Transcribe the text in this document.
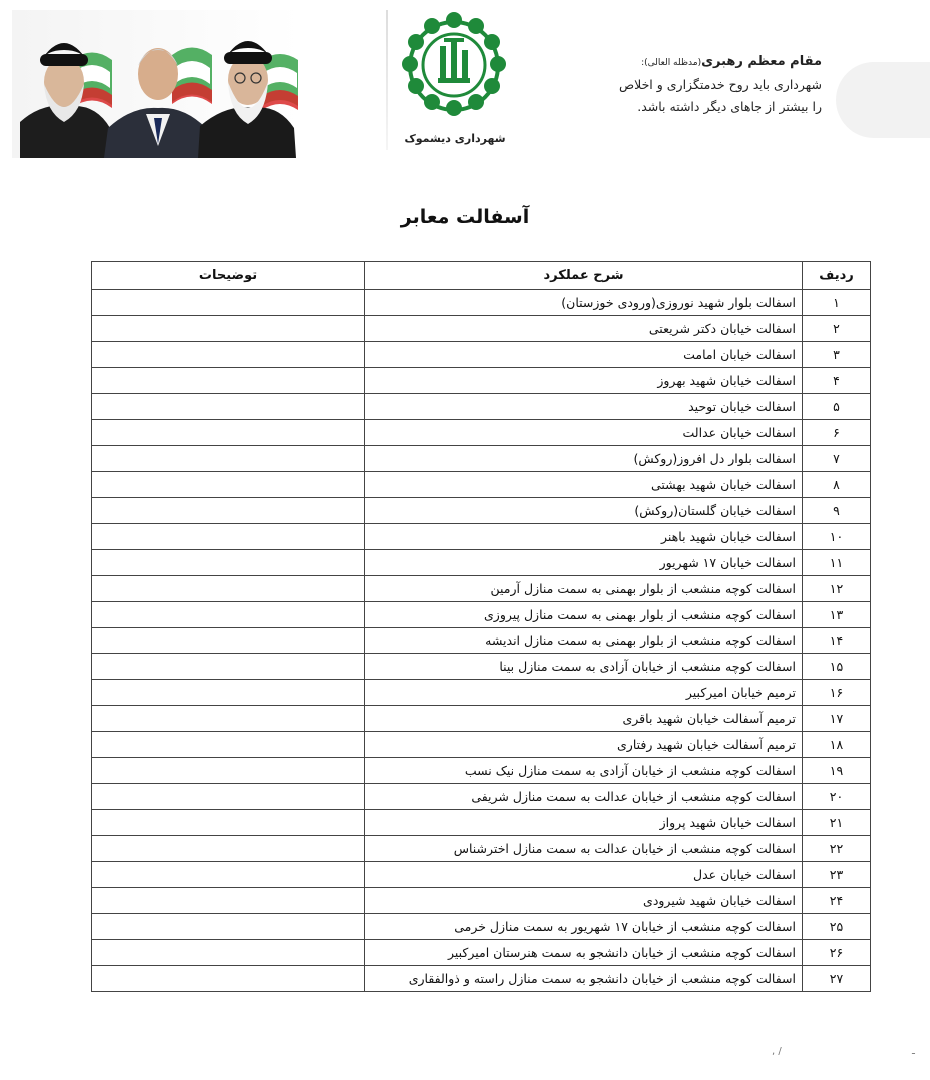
شهرداری دیشموک
مقام معظم رهبری(مدظله العالی):
شهرداری باید روح خدمتگزاری و اخلاص
را بیشتر از جاهای دیگر داشته باشد.
آسفالت معابر
ردیف	شرح عملکرد	توضیحات
۱	اسفالت بلوار شهید نوروزی(ورودی خوزستان)	
۲	اسفالت خیابان دکتر شریعتی	
۳	اسفالت خیابان امامت	
۴	اسفالت خیابان شهید بهروز	
۵	اسفالت خیابان توحید	
۶	اسفالت خیابان عدالت	
۷	اسفالت بلوار دل افروز(روکش)	
۸	اسفالت خیابان شهید بهشتی	
۹	اسفالت خیابان گلستان(روکش)	
۱۰	اسفالت خیابان شهید باهنر	
۱۱	اسفالت خیابان ۱۷ شهریور	
۱۲	اسفالت کوچه منشعب از بلوار بهمنی به سمت منازل آرمین	
۱۳	اسفالت کوچه منشعب از بلوار بهمنی به سمت منازل پیروزی	
۱۴	اسفالت کوچه منشعب از بلوار بهمنی به سمت منازل اندیشه	
۱۵	اسفالت کوچه منشعب از خیابان آزادی به سمت منازل بینا	
۱۶	ترمیم خیابان امیرکبیر	
۱۷	ترمیم آسفالت خیابان شهید باقری	
۱۸	ترمیم آسفالت خیابان شهید رفتاری	
۱۹	اسفالت کوچه منشعب از خیابان آزادی به سمت منازل نیک نسب	
۲۰	اسفالت کوچه منشعب از خیابان عدالت به سمت منازل شریفی	
۲۱	اسفالت خیابان شهید پرواز	
۲۲	اسفالت کوچه منشعب از خیابان عدالت به سمت منازل اخترشناس	
۲۳	اسفالت خیابان عدل	
۲۴	اسفالت خیابان شهید شیرودی	
۲۵	اسفالت کوچه منشعب از خیابان ۱۷ شهریور به سمت منازل خرمی	
۲۶	اسفالت کوچه منشعب از خیابان دانشجو به سمت هنرستان امیرکبیر	
۲۷	اسفالت کوچه منشعب از خیابان دانشجو به سمت منازل راسته و ذوالفقاری	
, /	ـ
